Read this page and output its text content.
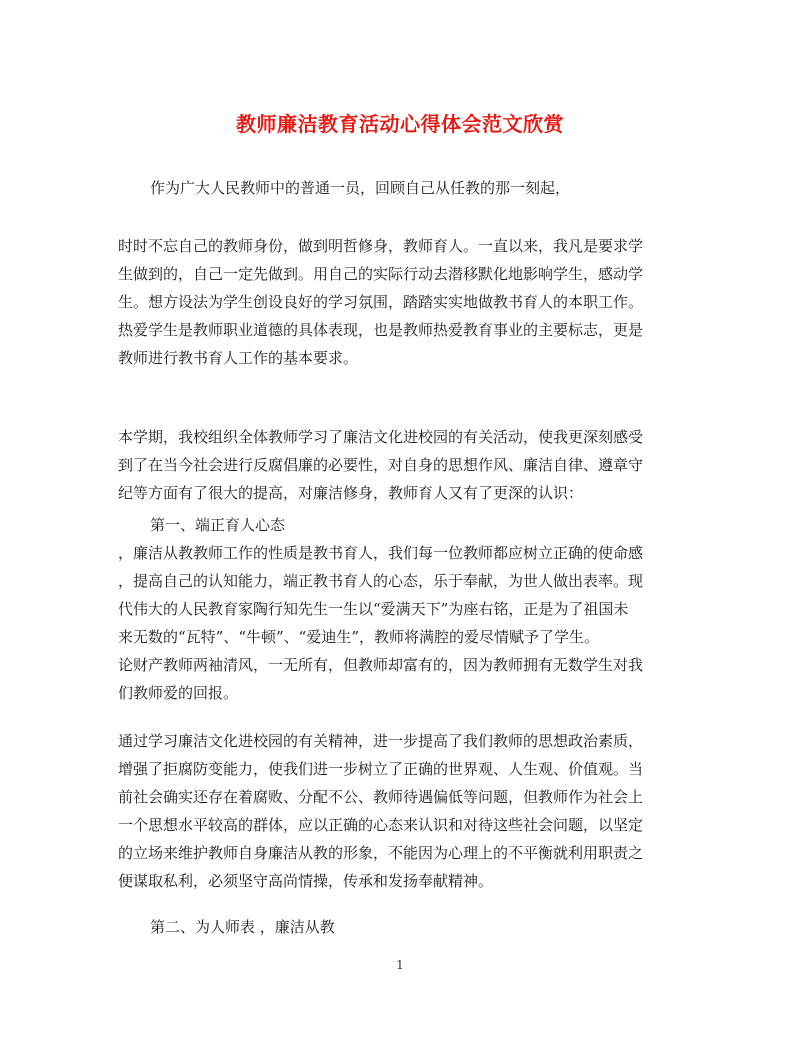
教师廉洁教育活动心得体会范文欣赏
作为广大人民教师中的普通一员，回顾自己从任教的那一刻起，
时时不忘自己的教师身份，做到明哲修身，教师育人。一直以来，我凡是要求学
生做到的，自己一定先做到。用自己的实际行动去潜移默化地影响学生，感动学
生。想方设法为学生创设良好的学习氛围，踏踏实实地做教书育人的本职工作。
热爱学生是教师职业道德的具体表现，也是教师热爱教育事业的主要标志，更是
教师进行教书育人工作的基本要求。
本学期，我校组织全体教师学习了廉洁文化进校园的有关活动，使我更深刻感受
到了在当今社会进行反腐倡廉的必要性，对自身的思想作风、廉洁自律、遵章守
纪等方面有了很大的提高，对廉洁修身，教师育人又有了更深的认识：
第一、端正育人心态
，廉洁从教教师工作的性质是教书育人，我们每一位教师都应树立正确的使命感
，提高自己的认知能力，端正教书育人的心态，乐于奉献，为世人做出表率。现
代伟大的人民教育家陶行知先生一生以“爱满天下”为座右铭，正是为了祖国未
来无数的“瓦特”、“牛顿”、“爱迪生”，教师将满腔的爱尽情赋予了学生。
论财产教师两袖清风，一无所有，但教师却富有的，因为教师拥有无数学生对我
们教师爱的回报。
通过学习廉洁文化进校园的有关精神，进一步提高了我们教师的思想政治素质，
增强了拒腐防变能力，使我们进一步树立了正确的世界观、人生观、价值观。当
前社会确实还存在着腐败、分配不公、教师待遇偏低等问题，但教师作为社会上
一个思想水平较高的群体，应以正确的心态来认识和对待这些社会问题，以坚定
的立场来维护教师自身廉洁从教的形象，不能因为心理上的不平衡就利用职责之
便谋取私利，必须坚守高尚情操，传承和发扬奉献精神。
第二、为人师表 ，廉洁从教
1
